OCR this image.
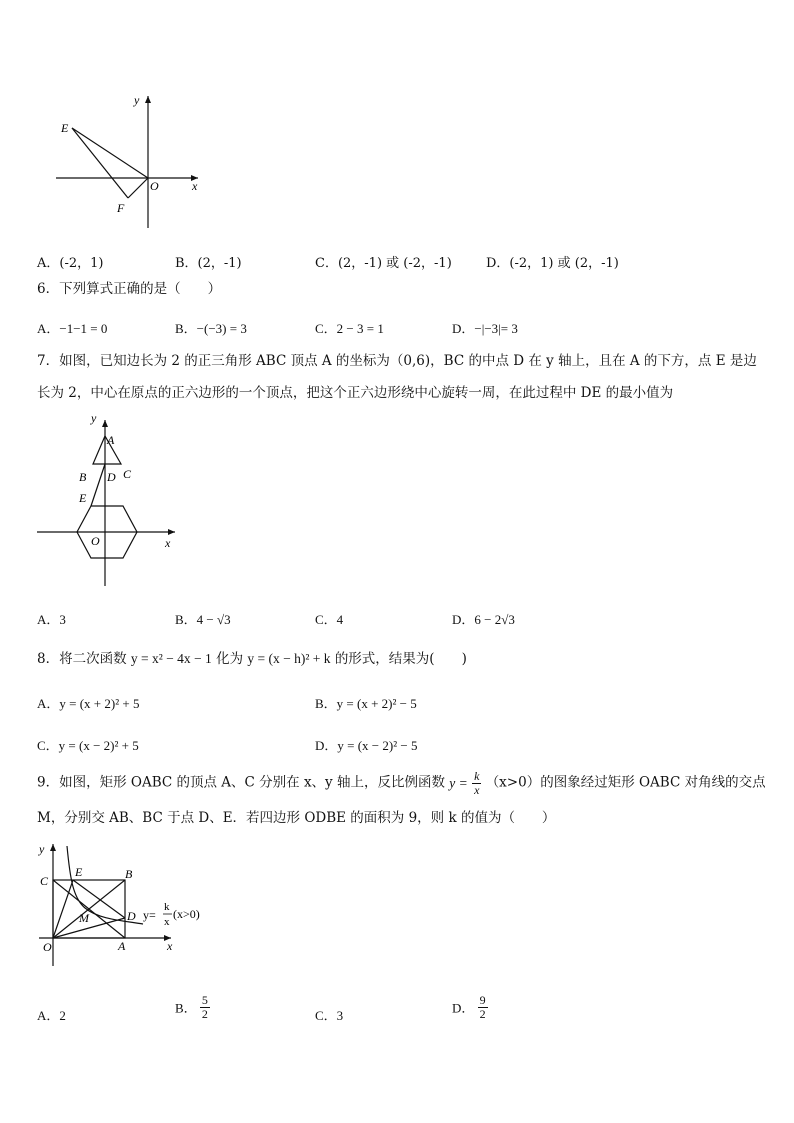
y
x
O
E
F
A．(-2，1)	B．(2，-1)	C．(2，-1) 或 (-2，-1)	D．(-2，1) 或 (2，-1)
6．下列算式正确的是（　　）
A．−1−1 = 0	B．−(−3) = 3	C．2 − 3 = 1	D．−|−3|= 3
7．如图，已知边长为 2 的正三角形 ABC 顶点 A 的坐标为（0,6)，BC 的中点 D 在 y 轴上，且在 A 的下方，点 E 是边
长为 2，中心在原点的正六边形的一个顶点，把这个正六边形绕中心旋转一周，在此过程中 DE 的最小值为
y
A
B D C
E
O	x
A．3	B．4 − √3	C．4	D．6 − 2√3
8．将二次函数 y = x² − 4x − 1 化为 y = (x − h)² + k 的形式，结果为(　　)
A．y = (x + 2)² + 5	B．y = (x + 2)² − 5
C．y = (x − 2)² + 5	D．y = (x − 2)² − 5
9．如图，矩形 OABC 的顶点 A、C 分别在 x、y 轴上，反比例函数 $y = \frac{k}{x} (x>0)$的图象经过矩形 OABC 对角线的交点
M，分别交 AB、BC 于点 D、E．若四边形 ODBE 的面积为 9，则 k 的值为（　　）
y
C
E	B
M	D
O	A	x
y=
k
x
(x>0)
A．2	B． $\frac{5}{2}$	C．3	D． $\frac{9}{2}$
